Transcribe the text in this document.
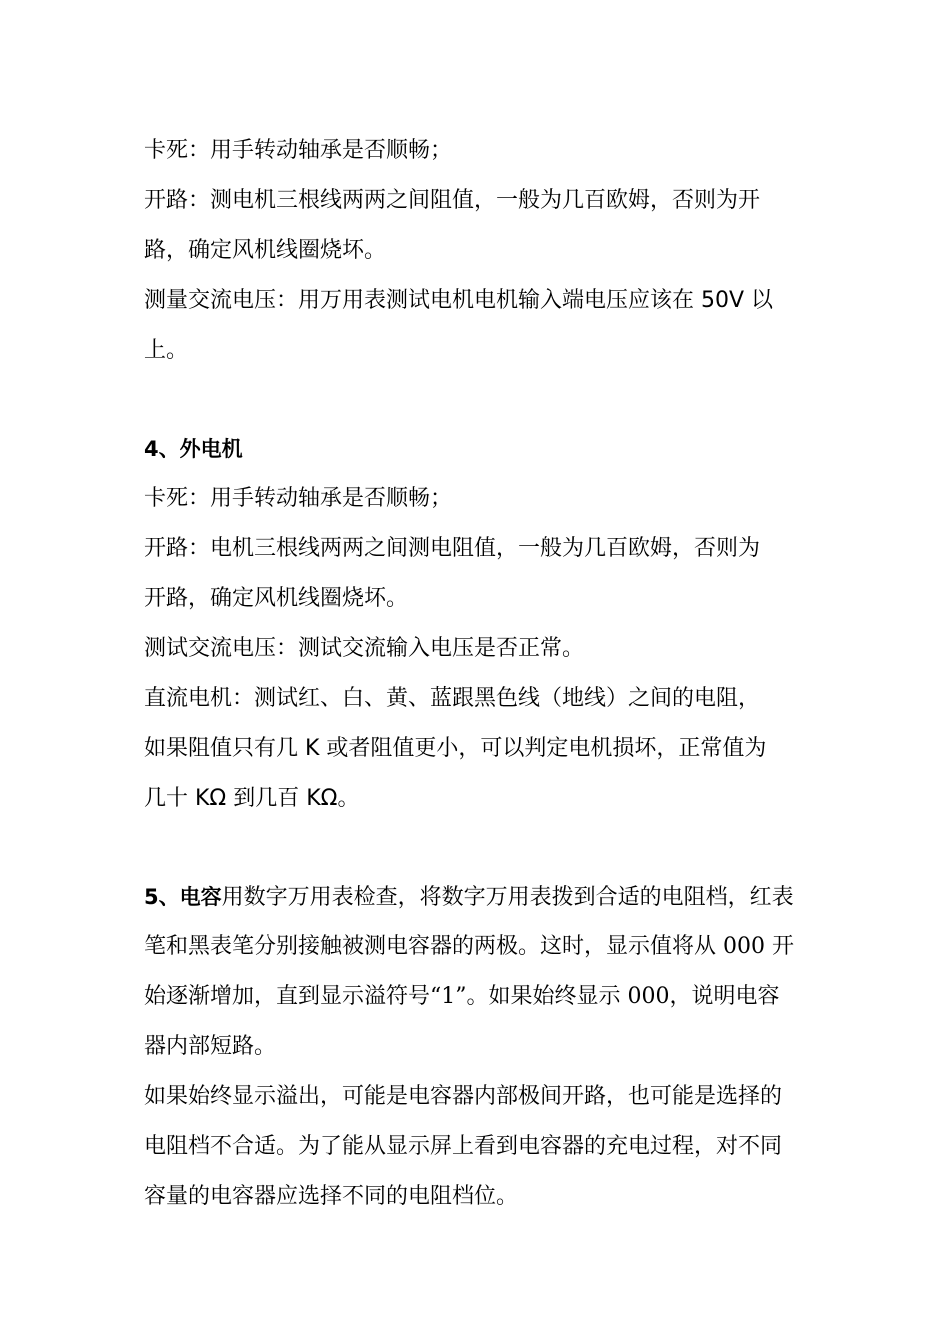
卡死：用手转动轴承是否顺畅；
开路：测电机三根线两两之间阻值，一般为几百欧姆，否则为开
路，确定风机线圈烧坏。
测量交流电压：用万用表测试电机电机输入端电压应该在 50V 以
上。
4、外电机
卡死：用手转动轴承是否顺畅；
开路：电机三根线两两之间测电阻值，一般为几百欧姆，否则为
开路，确定风机线圈烧坏。
测试交流电压：测试交流输入电压是否正常。
直流电机：测试红、白、黄、蓝跟黑色线（地线）之间的电阻，
如果阻值只有几 K 或者阻值更小，可以判定电机损坏，正常值为
几十 KΩ 到几百 KΩ。
5、电容用数字万用表检查，将数字万用表拨到合适的电阻档，红表
笔和黑表笔分别接触被测电容器的两极。这时，显示值将从 000 开
始逐渐增加，直到显示溢符号“1”。如果始终显示 000，说明电容
器内部短路。
如果始终显示溢出，可能是电容器内部极间开路，也可能是选择的
电阻档不合适。为了能从显示屏上看到电容器的充电过程，对不同
容量的电容器应选择不同的电阻档位。
